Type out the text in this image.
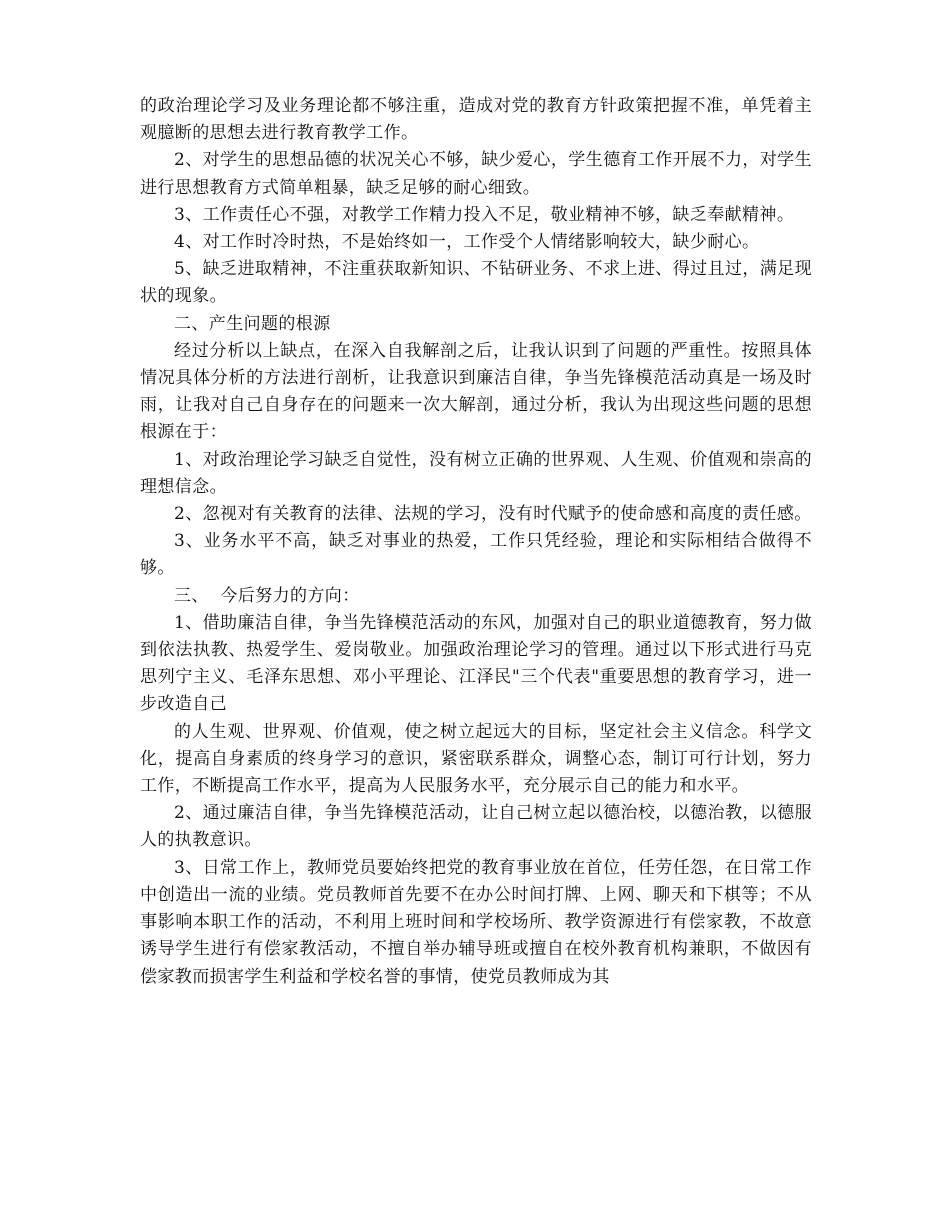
的政治理论学习及业务理论都不够注重，造成对党的教育方针政策把握不准，单凭着主观臆断的思想去进行教育教学工作。

2、对学生的思想品德的状况关心不够，缺少爱心，学生德育工作开展不力，对学生进行思想教育方式简单粗暴，缺乏足够的耐心细致。

3、工作责任心不强，对教学工作精力投入不足，敬业精神不够，缺乏奉献精神。

4、对工作时冷时热，不是始终如一，工作受个人情绪影响较大，缺少耐心。

5、缺乏进取精神，不注重获取新知识、不钻研业务、不求上进、得过且过，满足现状的现象。

二、产生问题的根源

经过分析以上缺点，在深入自我解剖之后，让我认识到了问题的严重性。按照具体情况具体分析的方法进行剖析，让我意识到廉洁自律，争当先锋模范活动真是一场及时雨，让我对自己自身存在的问题来一次大解剖，通过分析，我认为出现这些问题的思想根源在于：

1、对政治理论学习缺乏自觉性，没有树立正确的世界观、人生观、价值观和崇高的理想信念。

2、忽视对有关教育的法律、法规的学习，没有时代赋予的使命感和高度的责任感。

3、业务水平不高，缺乏对事业的热爱，工作只凭经验，理论和实际相结合做得不够。

三、  今后努力的方向：

1、借助廉洁自律，争当先锋模范活动的东风，加强对自己的职业道德教育，努力做到依法执教、热爱学生、爱岗敬业。加强政治理论学习的管理。通过以下形式进行马克思列宁主义、毛泽东思想、邓小平理论、江泽民"三个代表"重要思想的教育学习，进一步改造自己

的人生观、世界观、价值观，使之树立起远大的目标，坚定社会主义信念。科学文化，提高自身素质的终身学习的意识，紧密联系群众，调整心态，制订可行计划，努力工作，不断提高工作水平，提高为人民服务水平，充分展示自己的能力和水平。

2、通过廉洁自律，争当先锋模范活动，让自己树立起以德治校，以德治教，以德服人的执教意识。

3、日常工作上，教师党员要始终把党的教育事业放在首位，任劳任怨，在日常工作中创造出一流的业绩。党员教师首先要不在办公时间打牌、上网、聊天和下棋等；不从事影响本职工作的活动，不利用上班时间和学校场所、教学资源进行有偿家教，不故意诱导学生进行有偿家教活动，不擅自举办辅导班或擅自在校外教育机构兼职，不做因有偿家教而损害学生利益和学校名誉的事情，使党员教师成为其
